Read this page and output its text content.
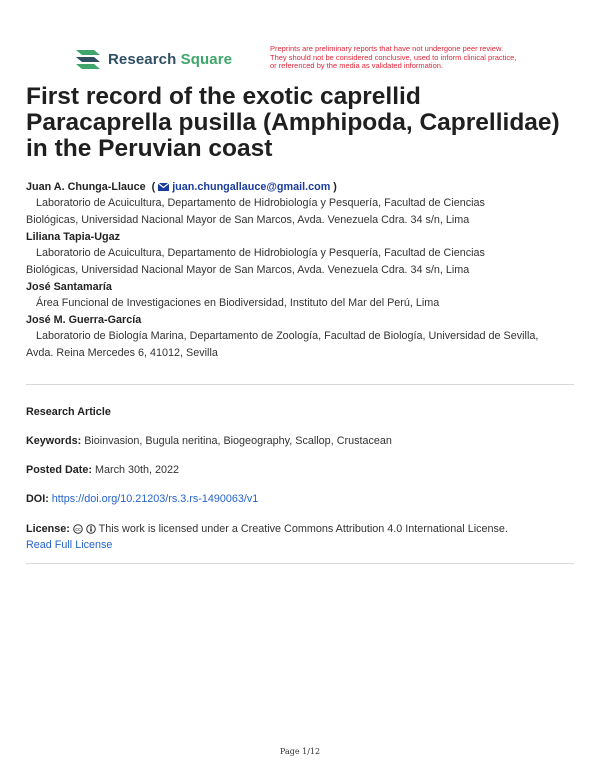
Research Square
Preprints are preliminary reports that have not undergone peer review.
They should not be considered conclusive, used to inform clinical practice,
or referenced by the media as validated information.
First record of the exotic caprellid Paracaprella pusilla (Amphipoda, Caprellidae) in the Peruvian coast
Juan A. Chunga-Llauce ( juan.chungallauce@gmail.com )
Laboratorio de Acuicultura, Departamento de Hidrobiología y Pesquería, Facultad de Ciencias
Biológicas, Universidad Nacional Mayor de San Marcos, Avda. Venezuela Cdra. 34 s/n, Lima
Liliana Tapia-Ugaz
Laboratorio de Acuicultura, Departamento de Hidrobiología y Pesquería, Facultad de Ciencias
Biológicas, Universidad Nacional Mayor de San Marcos, Avda. Venezuela Cdra. 34 s/n, Lima
José Santamaría
Área Funcional de Investigaciones en Biodiversidad, Instituto del Mar del Perú, Lima
José M. Guerra-García
Laboratorio de Biología Marina, Departamento de Zoología, Facultad de Biología, Universidad de Sevilla,
Avda. Reina Mercedes 6, 41012, Sevilla
Research Article
Keywords: Bioinvasion, Bugula neritina, Biogeography, Scallop, Crustacean
Posted Date: March 30th, 2022
DOI: https://doi.org/10.21203/rs.3.rs-1490063/v1
License: cc
This work is licensed under a Creative Commons Attribution 4.0 International License.
Read Full License
Page 1/12
